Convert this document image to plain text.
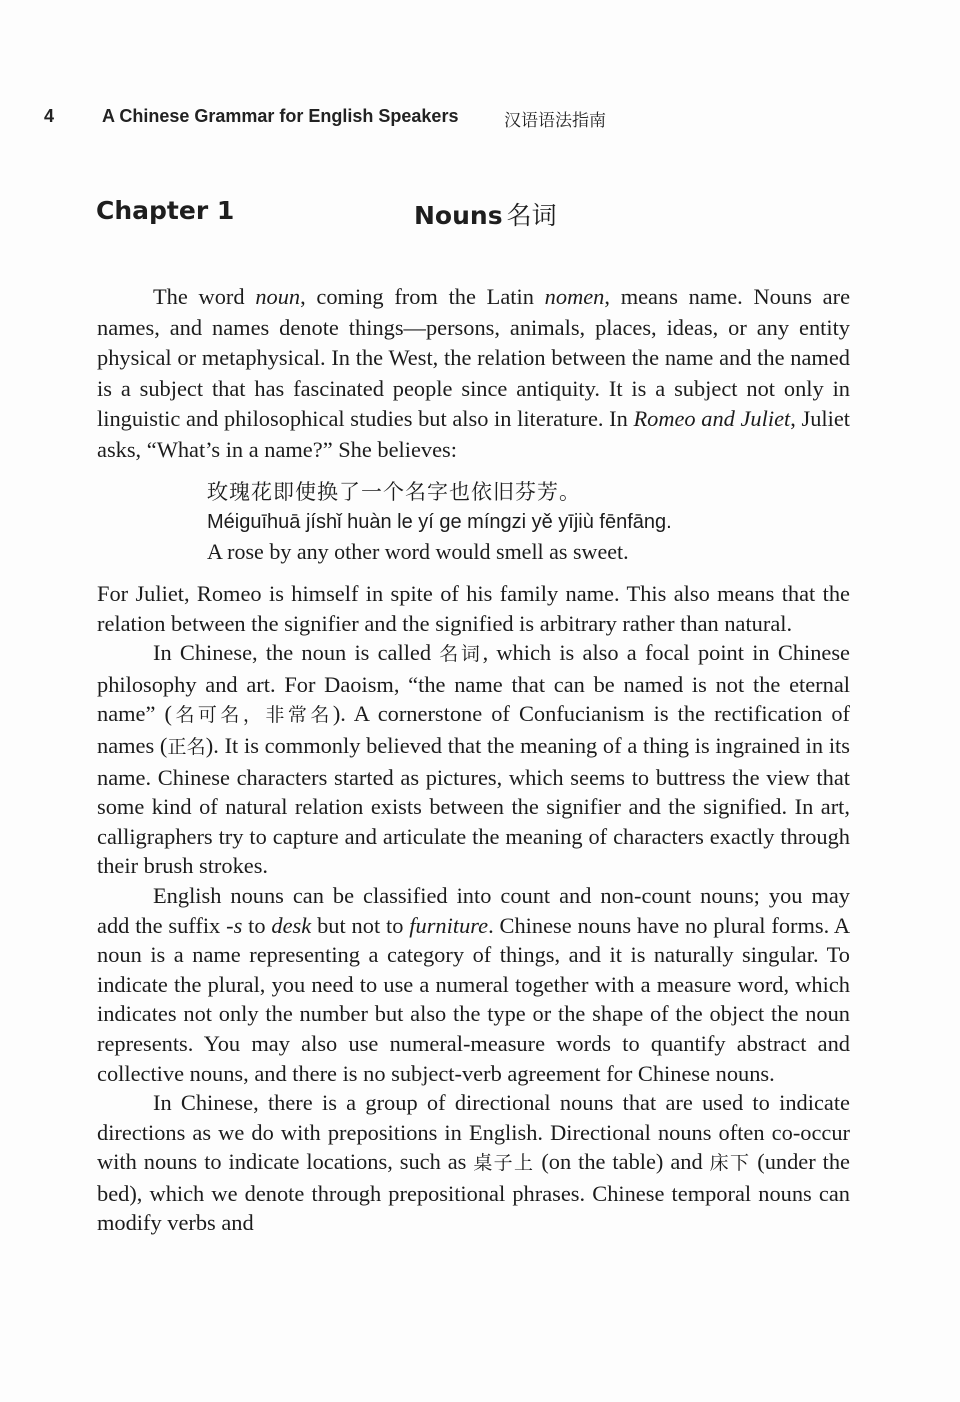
4	A Chinese Grammar for English Speakers	汉语语法指南
Chapter 1	Nouns 名词

The word noun, coming from the Latin nomen, means name. Nouns are names, and names denote things—persons, animals, places, ideas, or any entity physical or metaphysical. In the West, the relation between the name and the named is a subject that has fascinated people since antiquity. It is a subject not only in linguistic and philosophical studies but also in literature. In Romeo and Juliet, Juliet asks, “What’s in a name?” She believes:

玫瑰花即使换了一个名字也依旧芬芳。
Méiguīhuā jíshǐ huàn le yí ge míngzi yě yījiù fēnfāng.
A rose by any other word would smell as sweet.

For Juliet, Romeo is himself in spite of his family name. This also means that the relation between the signifier and the signified is arbitrary rather than natural.

In Chinese, the noun is called 名词, which is also a focal point in Chinese philosophy and art. For Daoism, “the name that can be named is not the eternal name” (名可名，非常名). A cornerstone of Confucianism is the rectification of names (正名). It is commonly believed that the meaning of a thing is ingrained in its name. Chinese characters started as pictures, which seems to buttress the view that some kind of natural relation exists between the signifier and the signified. In art, calligraphers try to capture and articulate the meaning of characters exactly through their brush strokes.

English nouns can be classified into count and non-count nouns; you may add the suffix -s to desk but not to furniture. Chinese nouns have no plural forms. A noun is a name representing a category of things, and it is naturally singular. To indicate the plural, you need to use a numeral together with a measure word, which indicates not only the number but also the type or the shape of the object the noun represents. You may also use numeral-measure words to quantify abstract and collective nouns, and there is no subject-verb agreement for Chinese nouns.

In Chinese, there is a group of directional nouns that are used to indicate directions as we do with prepositions in English. Directional nouns often co-occur with nouns to indicate locations, such as 桌子上 (on the table) and 床下 (under the bed), which we denote through prepositional phrases. Chinese temporal nouns can modify verbs and
